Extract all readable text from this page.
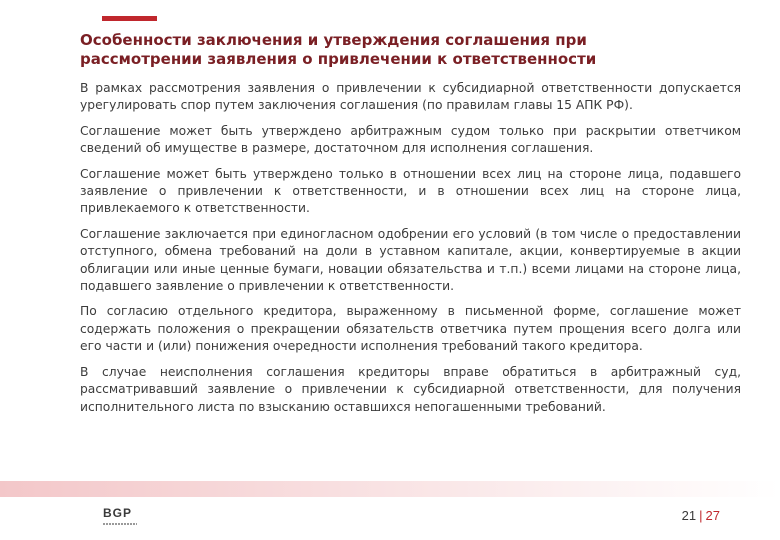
Особенности заключения и утверждения соглашения при рассмотрении заявления о привлечении к ответственности

В рамках рассмотрения заявления о привлечении к субсидиарной ответственности допускается урегулировать спор путем заключения соглашения (по правилам главы 15 АПК РФ).

Соглашение может быть утверждено арбитражным судом только при раскрытии ответчиком сведений об имуществе в размере, достаточном для исполнения соглашения.

Соглашение может быть утверждено только в отношении всех лиц на стороне лица, подавшего заявление о привлечении к ответственности, и в отношении всех лиц на стороне лица, привлекаемого к ответственности.

Соглашение заключается при единогласном одобрении его условий (в том числе о предоставлении отступного, обмена требований на доли в уставном капитале, акции, конвертируемые в акции облигации или иные ценные бумаги, новации обязательства и т.п.) всеми лицами на стороне лица, подавшего заявление о привлечении к ответственности.

По согласию отдельного кредитора, выраженному в письменной форме, соглашение может содержать положения о прекращении обязательств ответчика путем прощения всего долга или его части и (или) понижения очередности исполнения требований такого кредитора.

В случае неисполнения соглашения кредиторы вправе обратиться в арбитражный суд, рассматривавший заявление о привлечении к субсидиарной ответственности, для получения исполнительного листа по взысканию оставшихся непогашенными требований.

BGP	21 | 27
